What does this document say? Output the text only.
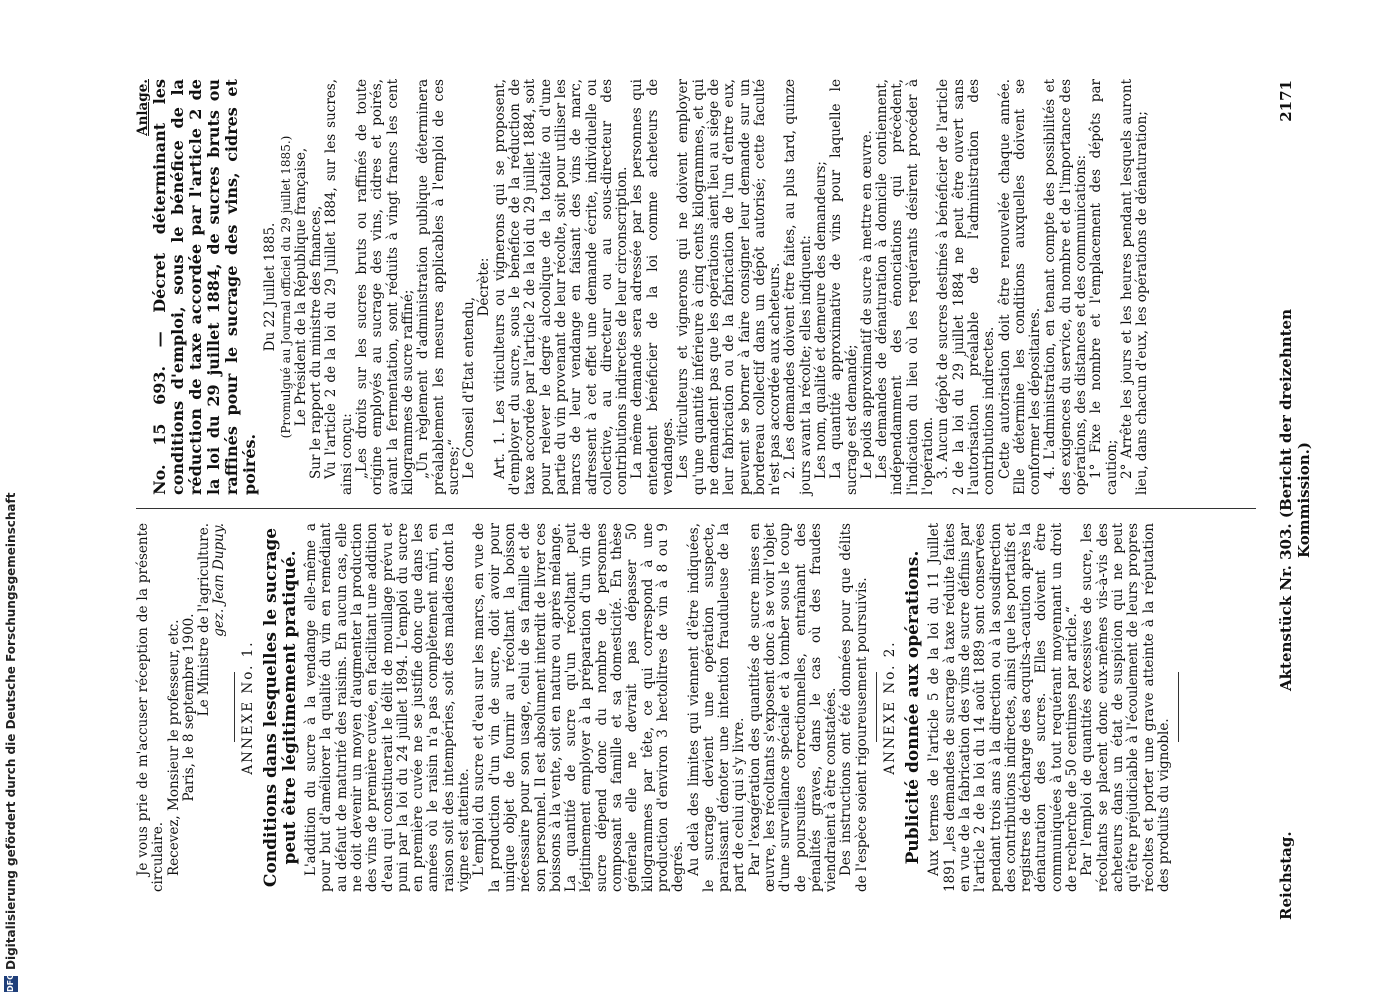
Reichstag.
Aktenstück Nr. 303. (Bericht der dreizehnten Kommission.)
2171

Je vous prie de m'accuser réception de la présente circulaire. Recevez, Monsieur le professeur, etc. Paris, le 8 septembre 1900. Le Ministre de l'agriculture. gez. Jean Dupuy.

ANNEXE No. 1. Conditions dans lesquelles le sucrage peut être légitimement pratiqué. L'addition du sucre à la vendange elle-même a pour but d'améliorer la qualité du vin en remédiant au défaut de maturité des raisins. En aucun cas, elle ne doit devenir un moyen d'augmenter la production des vins de première cuvée, en facilitant une addition d'eau qui constituerait le délit de mouillage prévu et puni par la loi du 24 juillet 1894. L'emploi du sucre en première cuvée ne se justifie donc que dans les années où le raisin n'a pas complètement mûri, en raison soit des intempéries, soit des maladies dont la vigne est atteinte. L'emploi du sucre et d'eau sur les marcs, en vue de la production d'un vin de sucre, doit avoir pour unique objet de fournir au récoltant la boisson nécessaire pour son usage, celui de sa famille et de son personnel. Il est absolument interdit de livrer ces boissons à la vente, soit en nature ou après mélange. La quantité de sucre qu'un récoltant peut légitimement employer à la préparation d'un vin de sucre dépend donc du nombre de personnes composant sa famille et sa domesticité. En thèse générale elle ne devrait pas dépasser 50 kilogrammes par tête, ce qui correspond à une production d'environ 3 hectolitres de vin à 8 ou 9 degrés. Au delà des limites qui viennent d'être indiquées, le sucrage devient une opération suspecte, paraissant dénoter une intention frauduleuse de la part de celui qui s'y livre. Par l'exagération des quantités de sucre mises en œuvre, les récoltants s'exposent donc à se voir l'objet d'une surveillance spéciale et à tomber sous le coup de poursuites correctionnelles, entraînant des pénalités graves, dans le cas où des fraudes viendraient à être constatées. Des instructions ont été données pour que délits de l'espèce soient rigoureusement poursuivis. ANNEXE No. 2. Publicité donnée aux opérations. Aux termes de l'article 5 de la loi du 11 Juillet 1891 „les demandes de sucrage à taxe réduite faites en vue de la fabrication des vins de sucre définis par l'article 2 de la loi du 14 août 1889 sont conservées pendant trois ans à la direction ou à la sousdirection des contributions indirectes, ainsi que les portatifs et registres de décharge des acquits-à-caution après la dénaturation des sucres. Elles doivent être communiquées à tout requérant moyennant un droit de recherche de 50 centimes par article.“ Par l'emploi de quantités excessives de sucre, les récoltants se placent donc eux-mêmes vis-à-vis des acheteurs dans un état de suspicion qui ne peut qu'être préjudiciable à l'écoulement de leurs propres récoltes et porter une grave atteinte à la réputation des produits du vignoble.

Anlage. No. 15 693. — Décret déterminant les conditions d'emploi, sous le bénéfice de la réduction de taxe accordée par l'article 2 de la loi du 29 juillet 1884, de sucres bruts ou raffinés pour le sucrage des vins, cidres et poirés.

Du 22 Juillet 1885. (Promulgué au Journal officiel du 29 juillet 1885.) Le Président de la République française, Sur le rapport du ministre des finances, Vu l'article 2 de la loi du 29 Juillet 1884, sur les sucres, ainsi conçu: „Les droits sur les sucres bruts ou raffinés de toute origine employés au sucrage des vins, cidres et poirés, avant la fermentation, sont réduits à vingt francs les cent kilogrammes de sucre raffiné; „Un règlement d'administration publique déterminera préalablement les mesures applicables à l'emploi de ces sucres;“ Le Conseil d'Etat entendu,

Décrète: Art. 1. Les viticulteurs ou vignerons qui se proposent, d'employer du sucre, sous le bénéfice de la réduction de taxe accordée par l'article 2 de la loi du 29 juillet 1884, soit pour relever le degré alcoolique de la totalité ou d'une partie du vin provenant de leur récolte, soit pour utiliser les marcs de leur vendange en faisant des vins de marc, adressent à cet effet une demande écrite, individuelle ou collective, au directeur ou au sous-directeur des contributions indirectes de leur circonscription. La même demande sera adressée par les personnes qui entendent bénéficier de la loi comme acheteurs de vendanges. Les viticulteurs et vignerons qui ne doivent employer qu'une quantité inférieure à cinq cents kilogrammes, et qui ne demandent pas que les opérations aient lieu au siège de leur fabrication ou de la fabrication de l'un d'entre eux, peuvent se borner à faire consigner leur demande sur un bordereau collectif dans un dépôt autorisé; cette faculté n'est pas accordée aux acheteurs. 2. Les demandes doivent être faites, au plus tard, quinze jours avant la récolte; elles indiquent: Les nom, qualité et demeure des demandeurs; La quantité approximative de vins pour laquelle le sucrage est demandé; Le poids approximatif de sucre à mettre en œuvre. Les demandes de dénaturation à domicile contiennent, indépendamment des énonciations qui précèdent, l'indication du lieu où les requérants désirent procéder à l'opération. 3. Aucun dépôt de sucres destinés à bénéficier de l'article 2 de la loi du 29 juillet 1884 ne peut être ouvert sans l'autorisation préalable de l'administration des contributions indirectes. Cette autorisation doit être renouvelée chaque année. Elle détermine les conditions auxquelles doivent se conformer les dépositaires. 4. L'administration, en tenant compte des possibilités et des exigences du service, du nombre et de l'importance des opérations, des distances et des communications: 1° Fixe le nombre et l'emplacement des dépôts par caution; 2° Arrête les jours et les heures pendant lesquels auront lieu, dans chacun d'eux, les opérations de dénaturation;

DFG
Digitalisierung gefördert durch die Deutsche Forschungsgemeinschaft
